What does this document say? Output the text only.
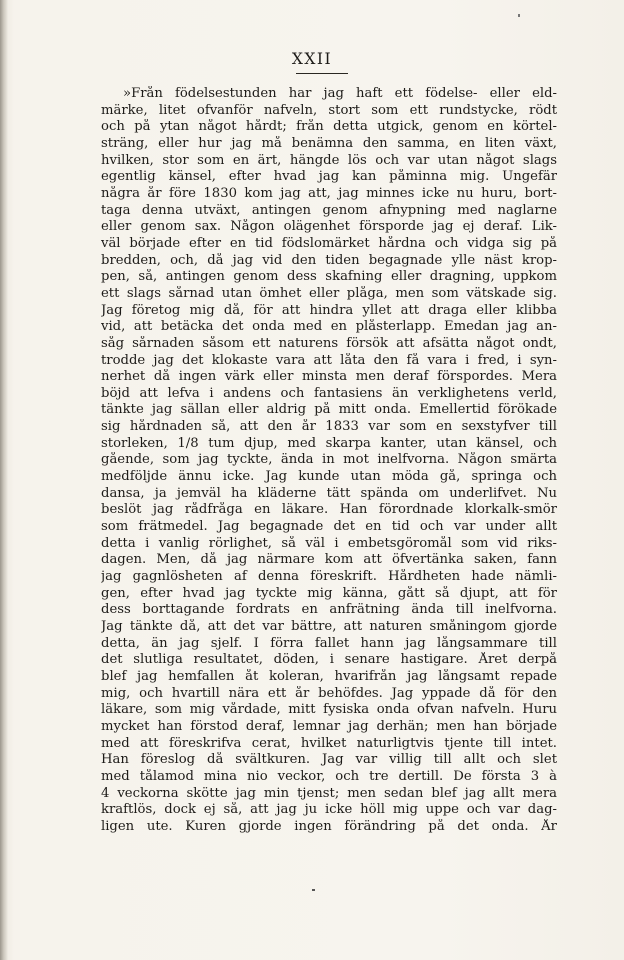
XXII
»Från födelsestunden har jag haft ett födelse- eller eld-
märke, litet ofvanför nafveln, stort som ett rundstycke, rödt
och på ytan något hårdt; från detta utgick, genom en körtel-
sträng, eller hur jag må benämna den samma, en liten växt,
hvilken, stor som en ärt, hängde lös och var utan något slags
egentlig känsel, efter hvad jag kan påminna mig. Ungefär
några år före 1830 kom jag att, jag minnes icke nu huru, bort-
taga denna utväxt, antingen genom afnypning med naglarne
eller genom sax. Någon olägenhet försporde jag ej deraf. Lik-
väl började efter en tid födslomärket hårdna och vidga sig på
bredden, och, då jag vid den tiden begagnade ylle näst krop-
pen, så, antingen genom dess skafning eller dragning, uppkom
ett slags sårnad utan ömhet eller plåga, men som vätskade sig.
Jag företog mig då, för att hindra yllet att draga eller klibba
vid, att betäcka det onda med en plåsterlapp. Emedan jag an-
såg sårnaden såsom ett naturens försök att afsätta något ondt,
trodde jag det klokaste vara att låta den få vara i fred, i syn-
nerhet då ingen värk eller minsta men deraf förspordes. Mera
böjd att lefva i andens och fantasiens än verklighetens verld,
tänkte jag sällan eller aldrig på mitt onda. Emellertid förökade
sig hårdnaden så, att den år 1833 var som en sexstyfver till
storleken, 1/8 tum djup, med skarpa kanter, utan känsel, och
gående, som jag tyckte, ända in mot inelfvorna. Någon smärta
medföljde ännu icke. Jag kunde utan möda gå, springa och
dansa, ja jemväl ha kläderne tätt spända om underlifvet. Nu
beslöt jag rådfråga en läkare. Han förordnade klorkalk-smör
som frätmedel. Jag begagnade det en tid och var under allt
detta i vanlig rörlighet, så väl i embetsgöromål som vid riks-
dagen. Men, då jag närmare kom att öfvertänka saken, fann
jag gagnlösheten af denna föreskrift. Hårdheten hade nämli-
gen, efter hvad jag tyckte mig känna, gått så djupt, att för
dess borttagande fordrats en anfrätning ända till inelfvorna.
Jag tänkte då, att det var bättre, att naturen småningom gjorde
detta, än jag sjelf. I förra fallet hann jag långsammare till
det slutliga resultatet, döden, i senare hastigare. Året derpå
blef jag hemfallen åt koleran, hvarifrån jag långsamt repade
mig, och hvartill nära ett år behöfdes. Jag yppade då för den
läkare, som mig vårdade, mitt fysiska onda ofvan nafveln. Huru
mycket han förstod deraf, lemnar jag derhän; men han började
med att föreskrifva cerat, hvilket naturligtvis tjente till intet.
Han föreslog då svältkuren. Jag var villig till allt och slet
med tålamod mina nio veckor, och tre dertill. De första 3 à
4 veckorna skötte jag min tjenst; men sedan blef jag allt mera
kraftlös, dock ej så, att jag ju icke höll mig uppe och var dag-
ligen ute. Kuren gjorde ingen förändring på det onda. År
